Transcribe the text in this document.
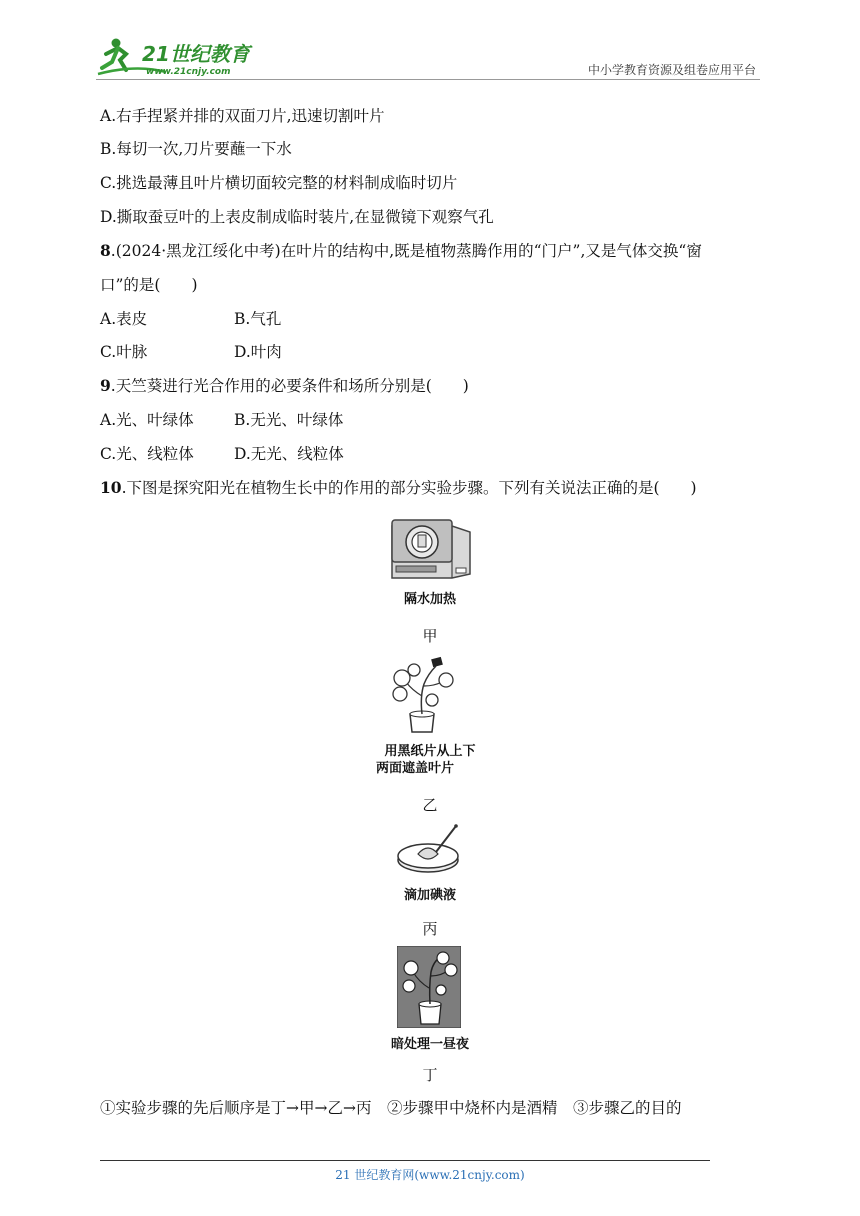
21世纪教育
www.21cnjy.com	中小学教育资源及组卷应用平台
A.右手捏紧并排的双面刀片,迅速切割叶片
B.每切一次,刀片要蘸一下水
C.挑选最薄且叶片横切面较完整的材料制成临时切片
D.撕取蚕豆叶的上表皮制成临时装片,在显微镜下观察气孔
8.(2024·黑龙江绥化中考)在叶片的结构中,既是植物蒸腾作用的“门户”,又是气体交换“窗
口”的是(　　)
A.表皮	B.气孔
C.叶脉	D.叶肉
9.天竺葵进行光合作用的必要条件和场所分别是(　　)
A.光、叶绿体	B.无光、叶绿体
C.光、线粒体	D.无光、线粒体
10.下图是探究阳光在植物生长中的作用的部分实验步骤。下列有关说法正确的是(　　)
隔水加热
甲
用黑纸片从上下
两面遮盖叶片
乙
滴加碘液
丙
暗处理一昼夜
丁
①实验步骤的先后顺序是丁→甲→乙→丙　②步骤甲中烧杯内是酒精　③步骤乙的目的
21 世纪教育网(www.21cnjy.com)
